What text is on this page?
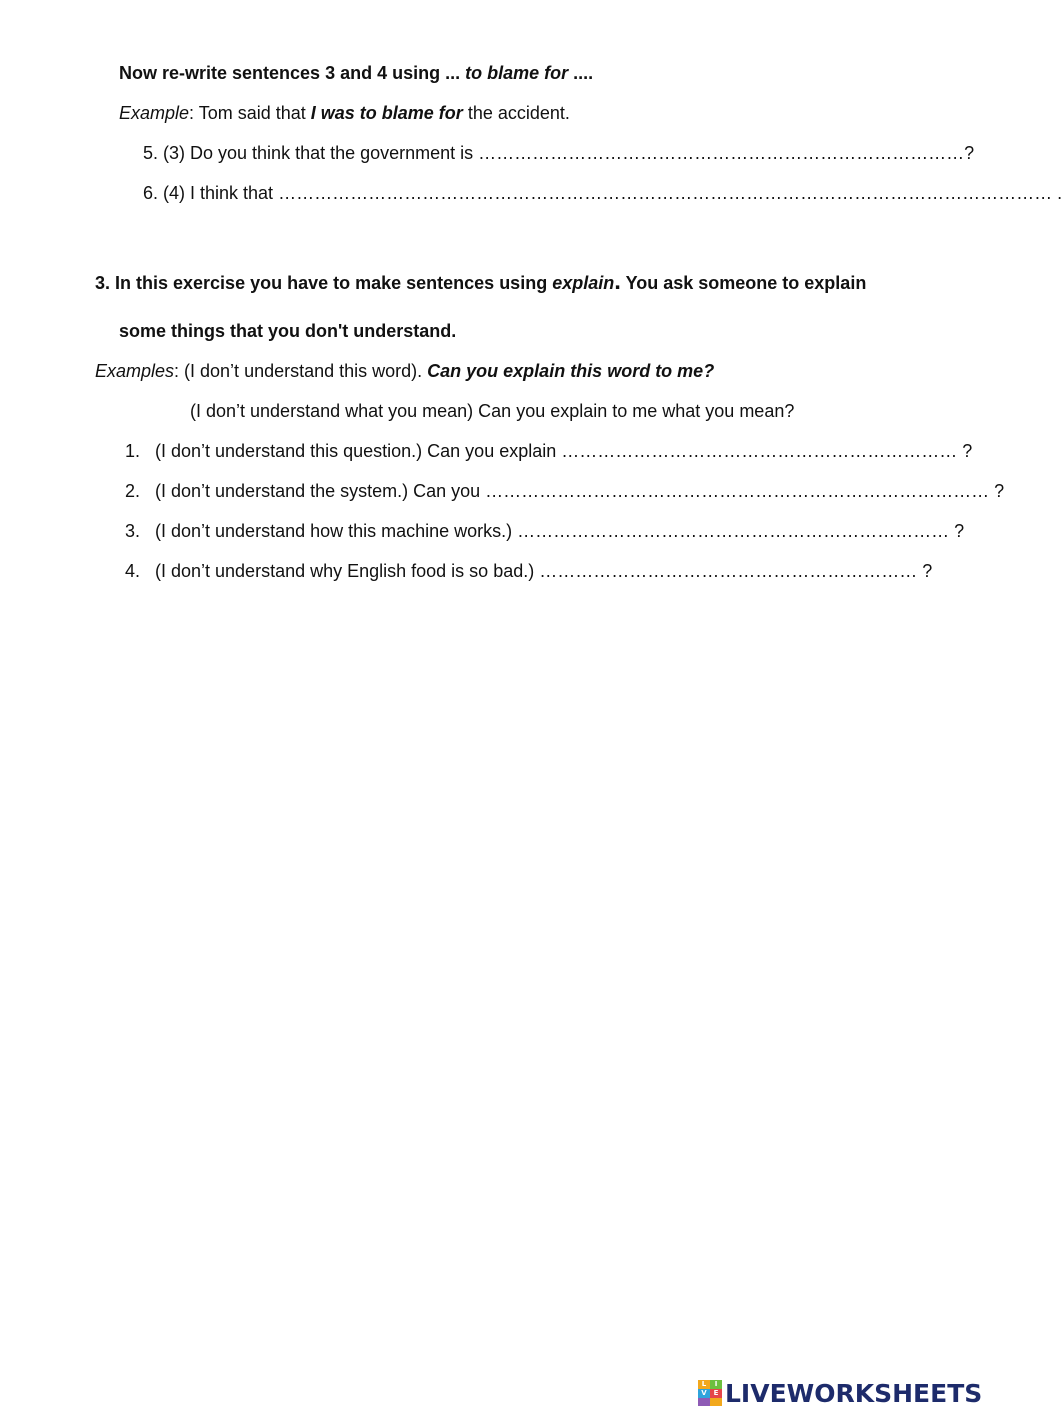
Now re-write sentences 3 and 4 using ... to blame for ....
Example: Tom said that I was to blame for the accident.
5. (3) Do you think that the government is ………………………………………………………………………?
6. (4) I think that ………………………………………………………………………………………………………………… .
3. In this exercise you have to make sentences using explain. You ask someone to explain
some things that you don't understand.
Examples: (I don’t understand this word). Can you explain this word to me?
(I don’t understand what you mean) Can you explain to me what you mean?
1. (I don’t understand this question.) Can you explain ………………………………………………………… ?
2. (I don’t understand the system.) Can you ………………………………………………………………………… ?
3. (I don’t understand how this machine works.) ……………………………………………………………… ?
4. (I don’t understand why English food is so bad.) ……………………………………………………… ?
L	I
V E LIVEWORKSHEETS
